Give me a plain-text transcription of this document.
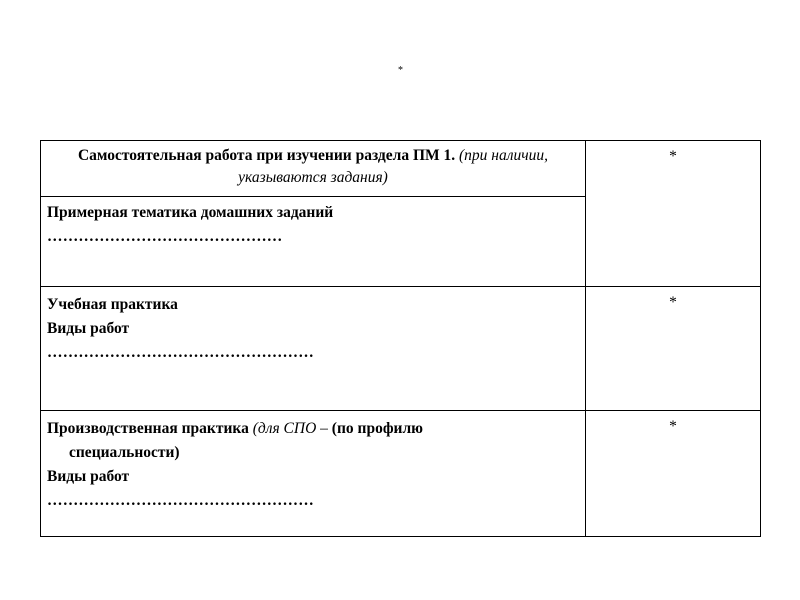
*
Самостоятельная работа при изучении раздела ПМ 1. (при наличии, указываются задания)	*

Примерная тематика домашних заданий
………………………………………	

Учебная практика
Виды работ
……………………………………………	*

Производственная практика (для СПО – (по профилю
специальности)
Виды работ
……………………………………………	*
